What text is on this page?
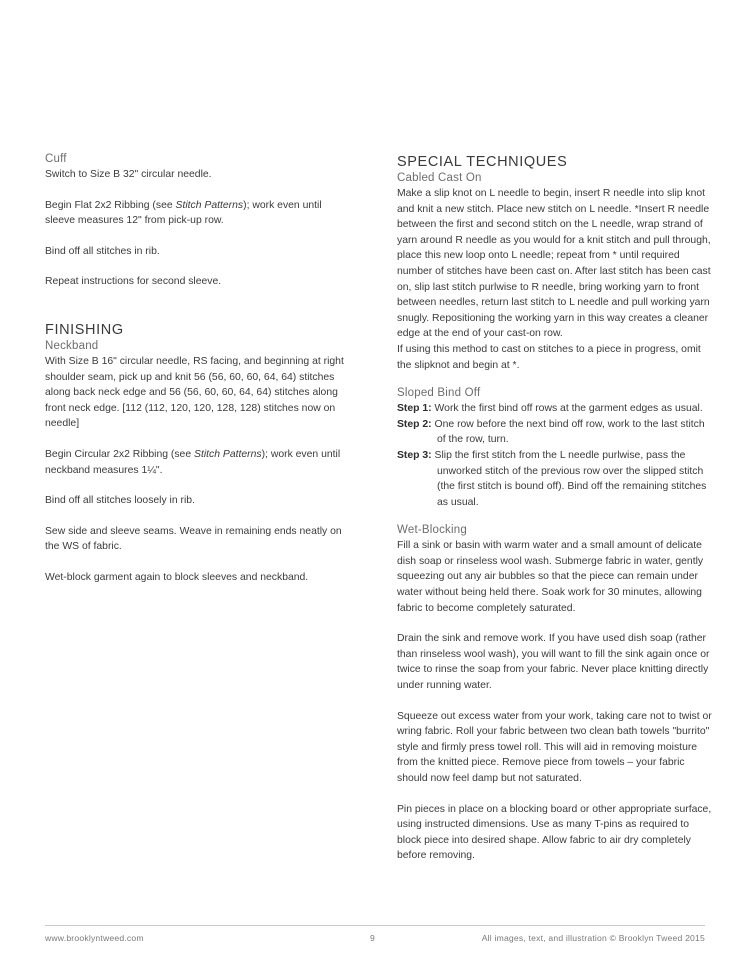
Cuff
Switch to Size B 32" circular needle.
Begin Flat 2x2 Ribbing (see Stitch Patterns); work even until sleeve measures 12" from pick-up row.
Bind off all stitches in rib.
Repeat instructions for second sleeve.
FINISHING
Neckband
With Size B 16" circular needle, RS facing, and beginning at right shoulder seam, pick up and knit 56 (56, 60, 60, 64, 64) stitches along back neck edge and 56 (56, 60, 60, 64, 64) stitches along front neck edge. [112 (112, 120, 120, 128, 128) stitches now on needle]
Begin Circular 2x2 Ribbing (see Stitch Patterns); work even until neckband measures 1¼".
Bind off all stitches loosely in rib.
Sew side and sleeve seams. Weave in remaining ends neatly on the WS of fabric.
Wet-block garment again to block sleeves and neckband.
SPECIAL TECHNIQUES
Cabled Cast On
Make a slip knot on L needle to begin, insert R needle into slip knot and knit a new stitch. Place new stitch on L needle. *Insert R needle between the first and second stitch on the L needle, wrap strand of yarn around R needle as you would for a knit stitch and pull through, place this new loop onto L needle; repeat from * until required number of stitches have been cast on. After last stitch has been cast on, slip last stitch purlwise to R needle, bring working yarn to front between needles, return last stitch to L needle and pull working yarn snugly. Repositioning the working yarn in this way creates a cleaner edge at the end of your cast-on row.
If using this method to cast on stitches to a piece in progress, omit the slipknot and begin at *.
Sloped Bind Off
Step 1: Work the first bind off rows at the garment edges as usual.
Step 2: One row before the next bind off row, work to the last stitch of the row, turn.
Step 3: Slip the first stitch from the L needle purlwise, pass the unworked stitch of the previous row over the slipped stitch (the first stitch is bound off). Bind off the remaining stitches as usual.
Wet-Blocking
Fill a sink or basin with warm water and a small amount of delicate dish soap or rinseless wool wash. Submerge fabric in water, gently squeezing out any air bubbles so that the piece can remain under water without being held there. Soak work for 30 minutes, allowing fabric to become completely saturated.
Drain the sink and remove work. If you have used dish soap (rather than rinseless wool wash), you will want to fill the sink again once or twice to rinse the soap from your fabric. Never place knitting directly under running water.
Squeeze out excess water from your work, taking care not to twist or wring fabric. Roll your fabric between two clean bath towels "burrito" style and firmly press towel roll. This will aid in removing moisture from the knitted piece. Remove piece from towels – your fabric should now feel damp but not saturated.
Pin pieces in place on a blocking board or other appropriate surface, using instructed dimensions. Use as many T-pins as required to block piece into desired shape. Allow fabric to air dry completely before removing.
www.brooklyntweed.com	9	All images, text, and illustration © Brooklyn Tweed 2015
